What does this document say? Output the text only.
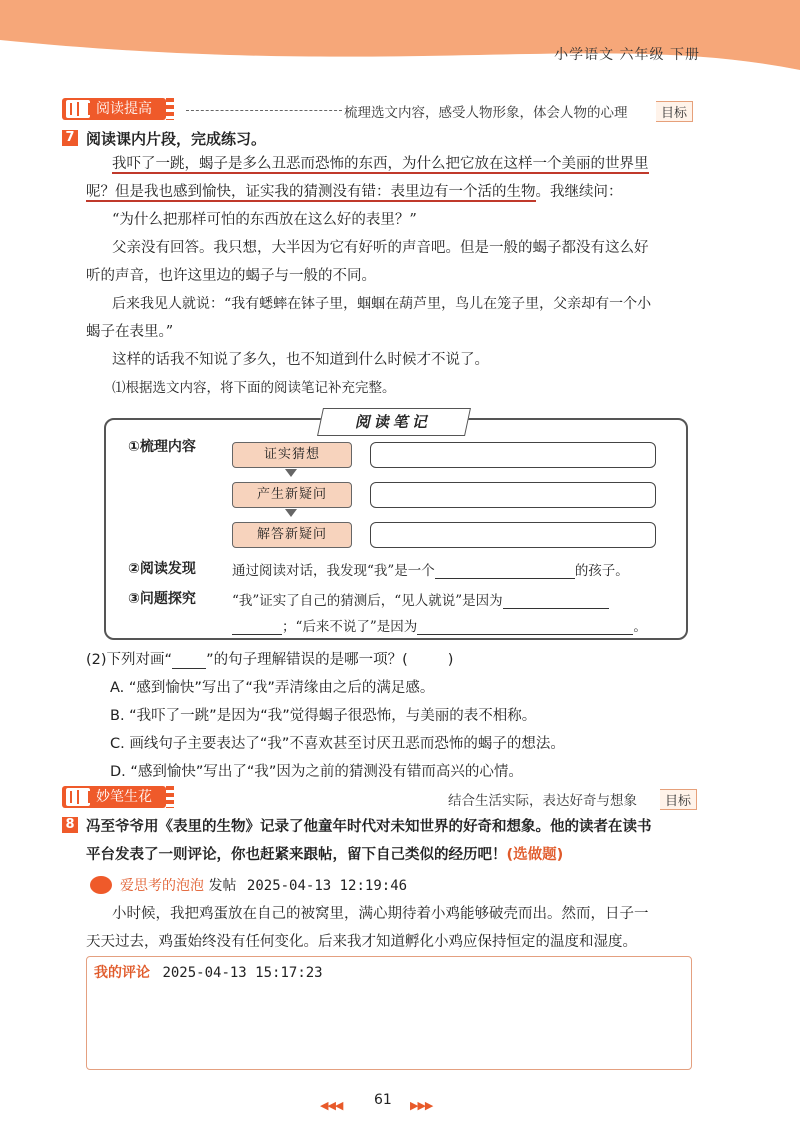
小学语文 六年级 下册
阅读提高	梳理选文内容，感受人物形象，体会人物的心理	目标
7 阅读课内片段，完成练习。
我吓了一跳，蝎子是多么丑恶而恐怖的东西，为什么把它放在这样一个美丽的世界里
呢？但是我也感到愉快，证实我的猜测没有错：表里边有一个活的生物。我继续问：
“为什么把那样可怕的东西放在这么好的表里？”
父亲没有回答。我只想，大半因为它有好听的声音吧。但是一般的蝎子都没有这么好
听的声音，也许这里边的蝎子与一般的不同。
后来我见人就说：“我有蟋蟀在钵子里，蝈蝈在葫芦里，鸟儿在笼子里，父亲却有一个小
蝎子在表里。”
这样的话我不知说了多久，也不知道到什么时候才不说了。
⑴根据选文内容，将下面的阅读笔记补充完整。
阅读笔记
①梳理内容	证实猜想
产生新疑问
解答新疑问
②阅读发现	通过阅读对话，我发现“我”是一个	的孩子。
③问题探究	“我”证实了自己的猜测后，“见人就说”是因为
；“后来不说了”是因为	。
(2)下列对画“ ”的句子理解错误的是哪一项？(	)
A. “感到愉快”写出了“我”弄清缘由之后的满足感。
B. “我吓了一跳”是因为“我”觉得蝎子很恐怖，与美丽的表不相称。
C. 画线句子主要表达了“我”不喜欢甚至讨厌丑恶而恐怖的蝎子的想法。
D. “感到愉快”写出了“我”因为之前的猜测没有错而高兴的心情。
妙笔生花	结合生活实际，表达好奇与想象	目标
8 冯至爷爷用《表里的生物》记录了他童年时代对未知世界的好奇和想象。他的读者在读书
平台发表了一则评论，你也赶紧来跟帖，留下自己类似的经历吧！(选做题)
爱思考的泡泡 发帖 2025-04-13 12:19:46
小时候，我把鸡蛋放在自己的被窝里，满心期待着小鸡能够破壳而出。然而，日子一
天天过去，鸡蛋始终没有任何变化。后来我才知道孵化小鸡应保持恒定的温度和湿度。
我的评论 2025-04-13 15:17:23
◀◀◀ 61 ▶▶▶
